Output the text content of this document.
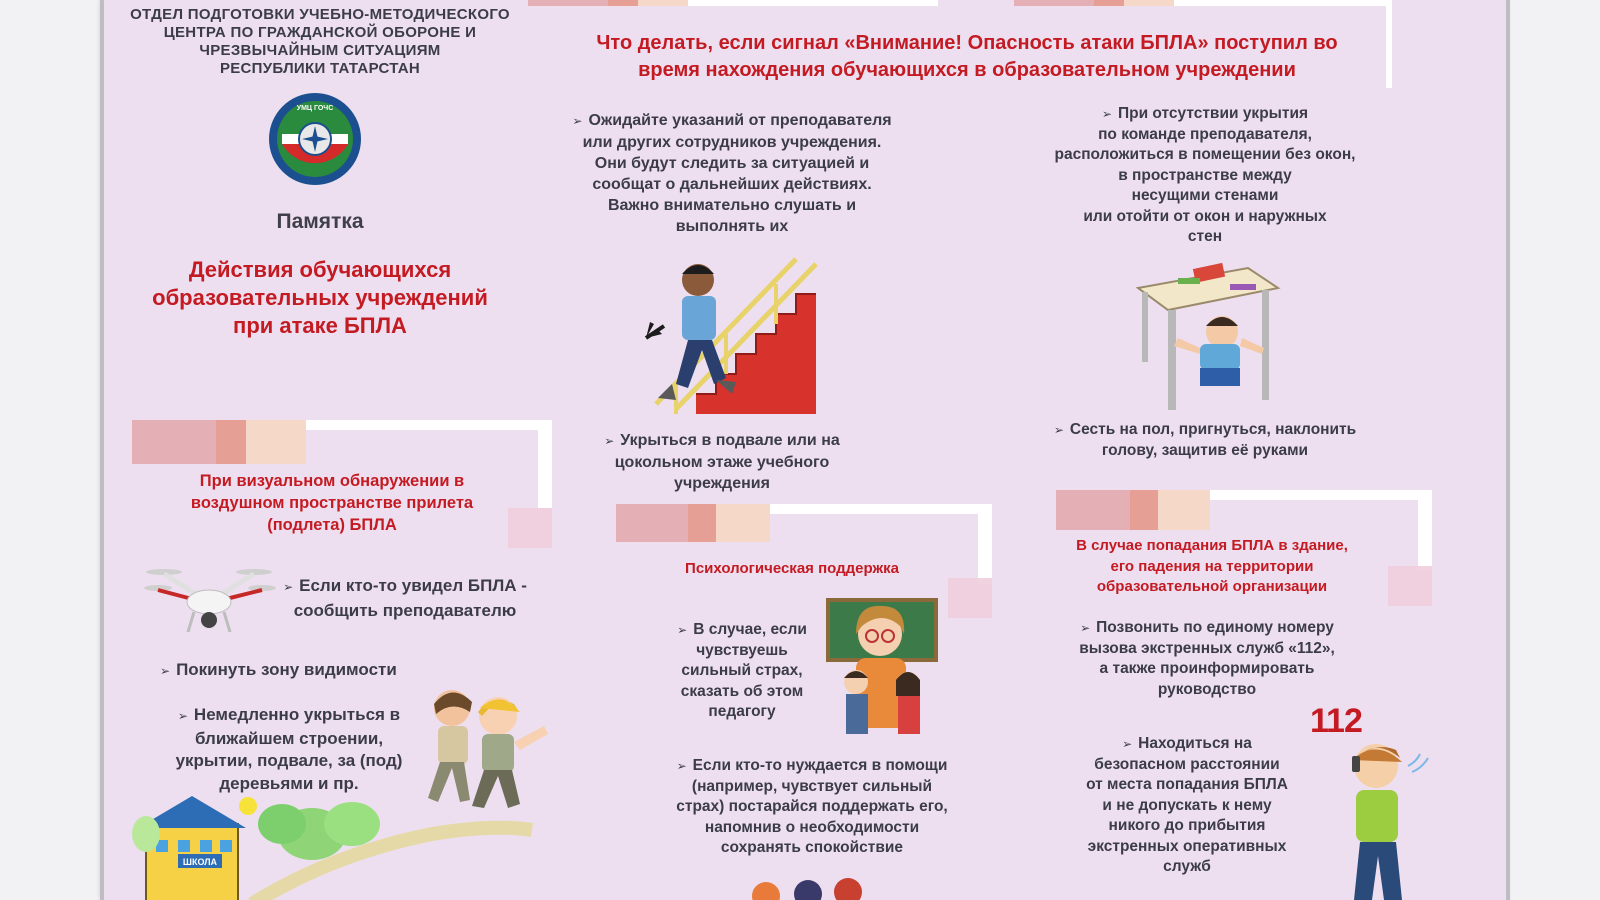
ОТДЕЛ ПОДГОТОВКИ УЧЕБНО-МЕТОДИЧЕСКОГО
ЦЕНТРА ПО ГРАЖДАНСКОЙ ОБОРОНЕ И
ЧРЕЗВЫЧАЙНЫМ СИТУАЦИЯМ
РЕСПУБЛИКИ ТАТАРСТАН
УМЦ ГОЧС
Памятка
Действия обучающихся
образовательных учреждений
при атаке БПЛА
Что делать, если сигнал «Внимание! Опасность атаки БПЛА» поступил во
время нахождения обучающихся в образовательном учреждении
➢ Ожидайте указаний от преподавателя
или других сотрудников учреждения.
Они будут следить за ситуацией и
сообщат о дальнейших действиях.
Важно внимательно слушать и
выполнять их
➢ Укрыться в подвале или на
цокольном этаже учебного
учреждения
➢ При отсутствии укрытия
по команде преподавателя,
расположиться в помещении без окон,
в пространстве между
несущими стенами
или отойти от окон и наружных
стен
➢ Сесть на пол, пригнуться, наклонить
голову, защитив её руками
При визуальном обнаружении в
воздушном пространстве прилета
(подлета) БПЛА
➢ Если кто-то увидел БПЛА -
сообщить преподавателю
➢ Покинуть зону видимости
➢ Немедленно укрыться в
ближайшем строении,
укрытии, подвале, за (под)
деревьями и пр.
ШКОЛА
Психологическая поддержка
➢ В случае, если
чувствуешь
сильный страх,
сказать об этом
педагогу
➢ Если кто-то нуждается в помощи
(например, чувствует сильный
страх) постарайся поддержать его,
напомнив о необходимости
сохранять спокойствие
В случае попадания БПЛА в здание,
его падения на территории
образовательной организации
➢ Позвонить по единому номеру
вызова экстренных служб «112»,
а также проинформировать
руководство
112
➢ Находиться на
безопасном расстоянии
от места попадания БПЛА
и не допускать к нему
никого до прибытия
экстренных оперативных
служб
